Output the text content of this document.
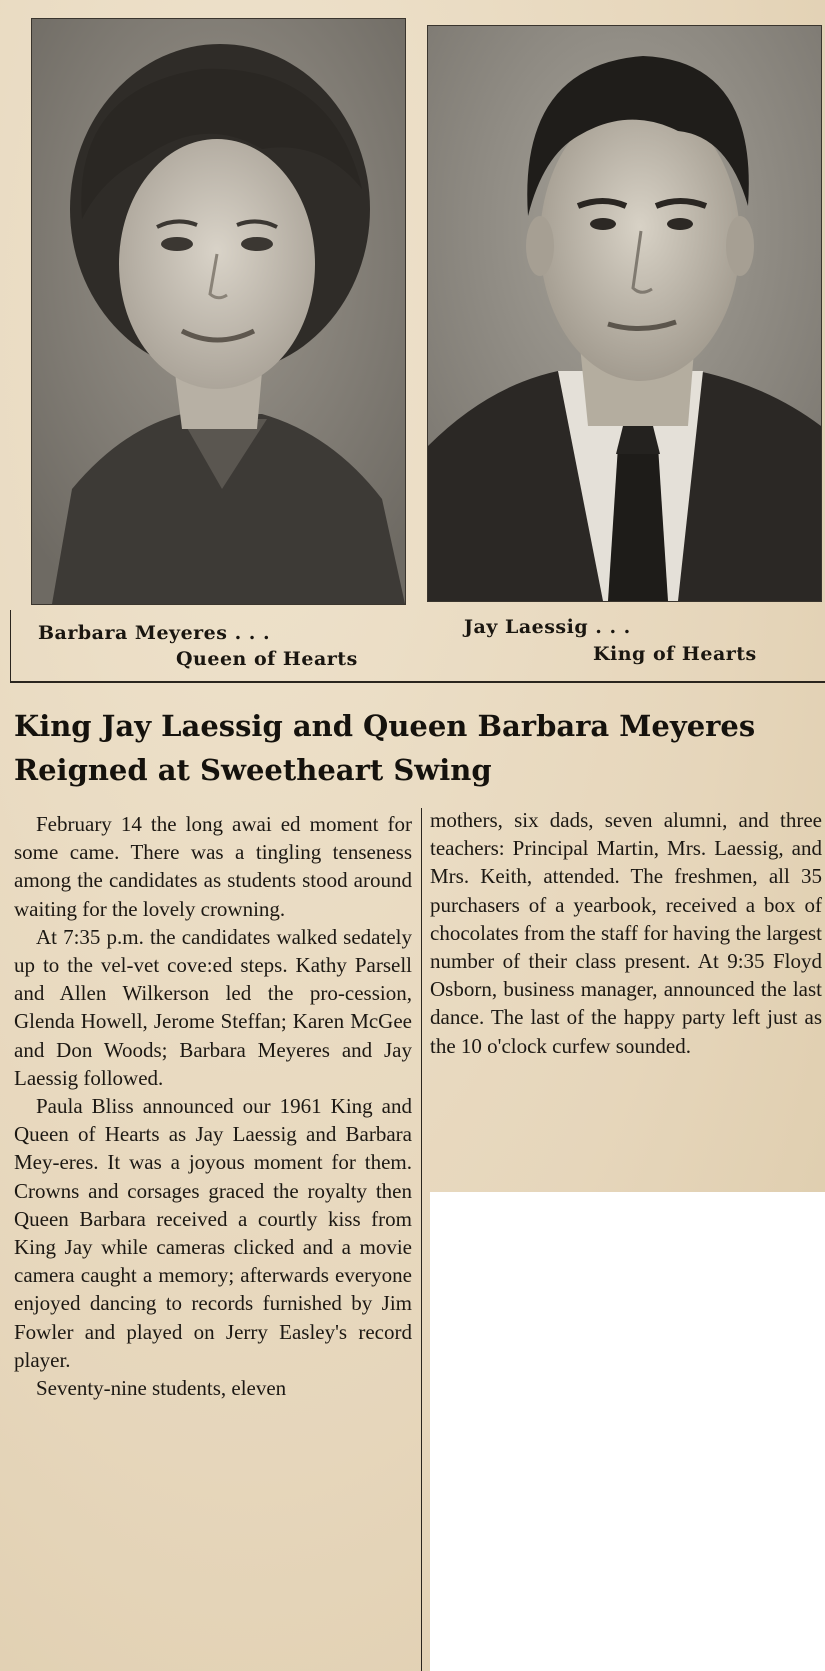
Barbara Meyeres . . .
Queen of Hearts
Jay Laessig . . .
King of Hearts
King Jay Laessig and Queen Barbara Meyeres
Reigned at Sweetheart Swing

February 14 the long awai ed moment for some came. There was a tingling tenseness among the candidates as students stood around waiting for the lovely crowning.

At 7:35 p.m. the candidates walked sedately up to the vel-vet cove:ed steps. Kathy Parsell and Allen Wilkerson led the pro-cession, Glenda Howell, Jerome Steffan; Karen McGee and Don Woods; Barbara Meyeres and Jay Laessig followed.

Paula Bliss announced our 1961 King and Queen of Hearts as Jay Laessig and Barbara Mey-eres. It was a joyous moment for them. Crowns and corsages graced the royalty then Queen Barbara received a courtly kiss from King Jay while cameras clicked and a movie camera caught a memory; afterwards everyone enjoyed dancing to records furnished by Jim Fowler and played on Jerry Easley's record player.

Seventy-nine students, eleven

mothers, six dads, seven alumni, and three teachers: Principal Martin, Mrs. Laessig, and Mrs. Keith, attended. The freshmen, all 35 purchasers of a yearbook, received a box of chocolates from the staff for having the largest number of their class present. At 9:35 Floyd Osborn, business manager, announced the last dance. The last of the happy party left just as the 10 o'clock curfew sounded.
